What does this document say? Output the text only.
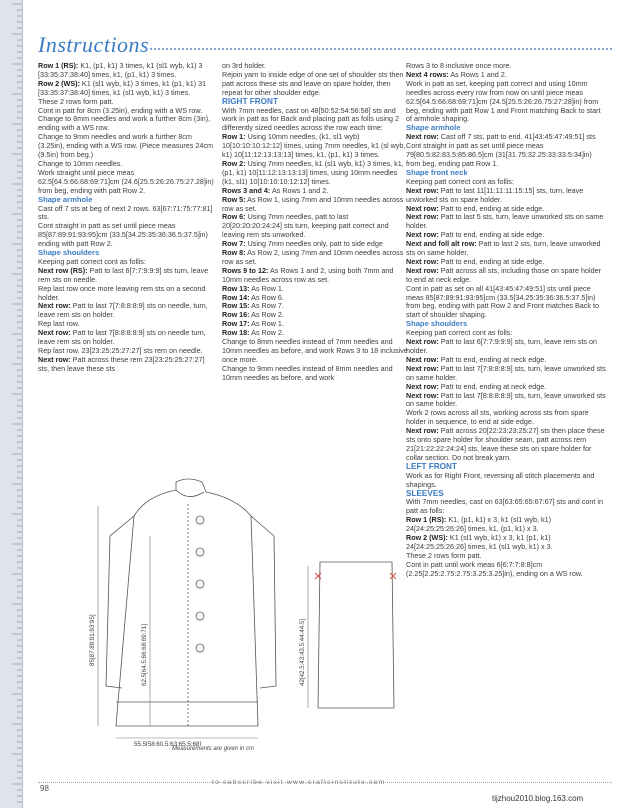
Instructions

Row 1 (RS): K1, (p1, k1) 3 times, k1 (sl1 wyb, k1) 3 [33:35:37:38:40] times, k1, (p1, k1) 3 times.

Row 2 (WS): K1 (sl1 wyb, k1) 3 times, k1 (p1, k1) 31 [33:35:37:38:40] times, k1 (sl1 wyb, k1) 3 times.

These 2 rows form patt.

Cont in patt for 8cm (3.25in), ending with a WS row.

Change to 8mm needles and work a further 8cm (3in), ending with a WS row.

Change to 9mm needles and work a further 8cm (3.25in), ending with a WS row. (Piece measures 24cm (9.5in) from beg.)

Change to 10mm needles.

Work straight until piece meas 62.5[64.5:66:68:69:71]cm (24.6[25.5:26:26.75:27.28]in) from beg, ending with patt Row 2.

Shape armhole

Cast off 7 sts at beg of next 2 rows. 63[67:71:75:77:81] sts.

Cont straight in patt as set until piece meas 85[87:89:91:93:95]cm (33.5[34.25:35:36:36.5:37.5]in) ending with patt Row 2.

Shape shoulders

Keeping patt correct cont as follis:

Next row (RS): Patt to last 6[7:7:9:9:9] sts turn, leave rem sts on needle.

Rep last row once more leaving rem sts on a second holder.

Next row: Patt to last 7[7:8:8:8:9] sts on needle, turn, leave rem sts on holder.

Rep last row.

Next row: Patt to last 7[8:8:8:8:9] sts on needle turn, leave rem sts on holder.

Rep last row. 23[23:25:25:27:27] sts rem on needle.

Next row: Patt across these rem 23[23:25:25:27:27] sts, then leave these sts

on 3rd holder.

Rejoin yarn to inside edge of one set of shoulder sts then patt across these sts and leave on spare holder, then repeat for other shoulder edge.

RIGHT FRONT

With 7mm needles, cast on 48[50:52:54:56:58] sts and work in patt as for Back and placing patt as folls using 2 differently sized needles across the row each time:

Row 1: Using 10mm needles, (k1, sl1 wyb) 10[10:10:10:12:12] times, using 7mm needles, k1 (sl wyb, k1) 10[11:12:13:13:13] times, k1, (p1, k1) 3 times.

Row 2: Using 7mm needles, k1 (sl1 wyb, k1) 3 times, k1, (p1, k1) 10[11:12:13:13:13] times, using 10mm needles (k1, sl1) 10[10:10:10:12:12] times.

Rows 3 and 4: As Rows 1 and 2.

Row 5: As Row 1, using 7mm and 10mm needles across row as set.

Row 6: Using 7mm needles, patt to last 20[20:20:20:24:24] sts turn, keeping patt correct and leaving rem sts unworked.

Row 7: Using 7mm needles only, patt to side edge

Row 8: As Row 2, using 7mm and 10mm needles across row as set.

Rows 9 to 12: As Rows 1 and 2, using both 7mm and 10mm needles across row as set.

Row 13: As Row 1.

Row 14: As Row 6.

Row 15: As Row 7.

Row 16: As Row 2.

Row 17: As Row 1.

Row 18: As Row 2.

Change to 8mm needles instead of 7mm needles and 10mm needles as before, and work Rows 3 to 18 inclusive once more.

Change to 9mm needles instead of 8mm needles and 10mm needles as before, and work

Rows 3 to 8 inclusive once more.

Next 4 rows: As Rows 1 and 2.

Work in patt as set, keeping patt correct and using 10mm needles across every row from now on until piece meas 62.5[64.5:66:68:69:71]cm (24.5[25.5:26:26.75:27:28]in) from beg, ending with patt Row 1 and Front matching Back to start of armhole shaping.

Shape armhole

Next row: Cast off 7 sts, patt to end. 41[43:45:47:49:51] sts

Cont straight in patt as set until piece meas 79[80.5:82:83.5:85:86.5]cm (31[31.75:32.25:33:33.5:34]in) from beg, ending patt Row 1.

Shape front neck

Keeping patt correct cont as follis:

Next row: Patt to last 11[11:11:11:15:15] sts, turn, leave unworked sts on spare holder.

Next row: Patt to end, ending at side edge.

Next row: Patt to last 5 sts, turn, leave unworked sts on same holder.

Next row: Patt to end, ending at side edge.

Next and foll alt row: Patt to last 2 sts, turn, leave unworked sts on same holder.

Next row: Patt to end, ending at side edge.

Next row: Patt across all sts, including those on spare holder to end at neck edge.

Cont in patt as set on all 41[43:45:47:49:51] sts until piece meas 85[87:89:91:93:95]cm (33.5[34.25:35:36:36.5:37.5]in) from beg, ending with patt Row 2 and Front matches Back to start of shoulder shaping.

Shape shoulders

Keeping patt correct cont as folls:

Next row: Patt to last 6[7:7:9:9:9] sts, turn, leave rem sts on holder.

Next row: Patt to end, ending at neck edge.

Next row: Patt to last 7[7:8:8:8:9] sts, turn, leave unworked sts on same holder.

Next row: Patt to end, ending at neck edge.

Next row: Patt to last 7[8:8:8:8:9] sts, turn, leave unworked sts on same holder.

Work 2 rows across all sts, working across sts from spare holder in sequence, to end at side edge.

Next row: Patt across 20[22:23:23:25:27] sts then place these sts onto spare holder for shoulder seam, patt across rem 21[21:22:22:24:24] sts, leave these sts on spare holder for collar section. Do not break yarn.

LEFT FRONT

Work as for Right Front, reversing all stitch placements and shapings.

SLEEVES

With 7mm needles, cast on 63[63:65:65:67:67] sts and cont in patt as folls:

Row 1 (RS): K1, (p1, k1) x 3, k1 (sl1 wyb, k1) 24[24:25:25:26:26] times, k1, (p1, k1) x 3.

Row 2 (WS): K1 (sl1 wyb, k1) x 3, k1 (p1, k1) 24[24:25:25:26:26] times, k1 (sl1 wyb, k1) x 3.

These 2 rows form patt.

Cont in patt until work meas 6[6:7:7:8:8]cm (2.25[2.25:2.75:2.75:3.25:3.25]in), ending on a WS row.

85[87:89:91:93:95]	62.5[64.5:66:68:69:71]
55.5[58:60.5:63:65.5:68]
42[42.5:43:43.5:44:44.5]
Measurements are given in cm
98
to subscribe visit www.craftsinstitute.com
tijzhou2010.blog.163.com
